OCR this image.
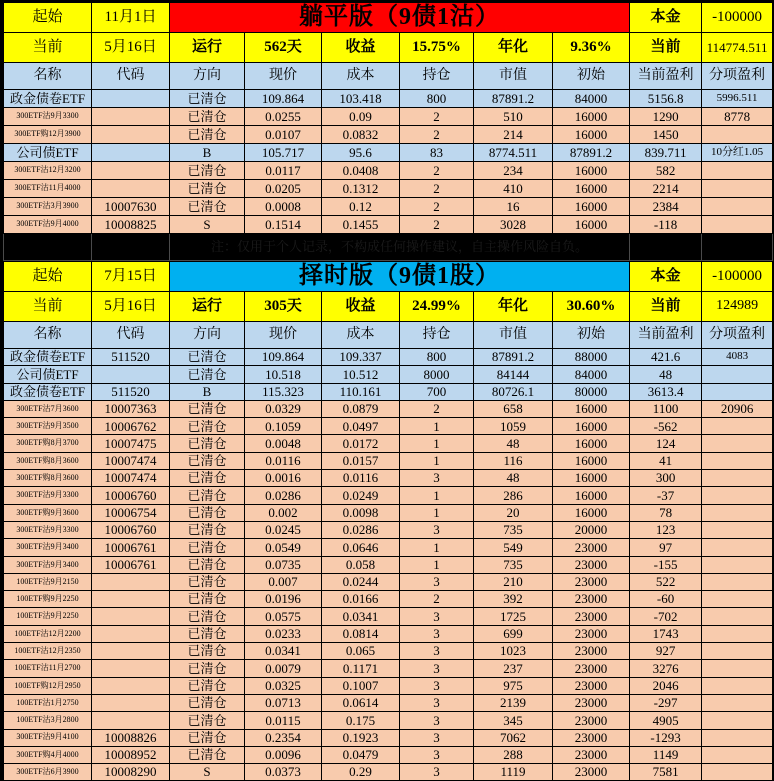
起始	11月1日	躺平版（9债1沽）						本金	-100000
当前	5月16日	运行	562天	收益	15.75%	年化	9.36%	当前	114774.511
名称	代码	方向	现价	成本	持仓	市值	初始	当前盈利	分项盈利
政金债卷ETF		已清仓	109.864	103.418	800	87891.2	84000	5156.8	5996.511
300ETF沽9月3300		已清仓	0.0255	0.09	2	510	16000	1290	8778
300ETF购12月3900		已清仓	0.0107	0.0832	2	214	16000	1450	
公司债ETF		B	105.717	95.6	83	8774.511	87891.2	839.711	10分红1.05
300ETF沽12月3200		已清仓	0.0117	0.0408	2	234	16000	582	
300ETF沽11月4000		已清仓	0.0205	0.1312	2	410	16000	2214	
300ETF沽3月3900	10007630	已清仓	0.0008	0.12	2	16	16000	2384	
300ETF沽9月4000	10008825	S	0.1514	0.1455	2	3028	16000	-118	
		注：仅用于个人记录，不构成任何操作建议，自主操作风险自负。							
起始	7月15日	择时版（9债1股）						本金	-100000
当前	5月16日	运行	305天	收益	24.99%	年化	30.60%	当前	124989
名称	代码	方向	现价	成本	持仓	市值	初始	当前盈利	分项盈利
政金债卷ETF	511520	已清仓	109.864	109.337	800	87891.2	88000	421.6	4083
公司债ETF		已清仓	10.518	10.512	8000	84144	84000	48	
政金债卷ETF	511520	B	115.323	110.161	700	80726.1	80000	3613.4	
300ETF沽7月3600	10007363	已清仓	0.0329	0.0879	2	658	16000	1100	20906
300ETF沽9月3500	10006762	已清仓	0.1059	0.0497	1	1059	16000	-562	
300ETF购8月3700	10007475	已清仓	0.0048	0.0172	1	48	16000	124	
300ETF购8月3600	10007474	已清仓	0.0116	0.0157	1	116	16000	41	
300ETF购8月3600	10007474	已清仓	0.0016	0.0116	3	48	16000	300	
300ETF沽9月3300	10006760	已清仓	0.0286	0.0249	1	286	16000	-37	
300ETF购9月3600	10006754	已清仓	0.002	0.0098	1	20	16000	78	
300ETF沽9月3300	10006760	已清仓	0.0245	0.0286	3	735	20000	123	
300ETF沽9月3400	10006761	已清仓	0.0549	0.0646	1	549	23000	97	
300ETF沽9月3400	10006761	已清仓	0.0735	0.058	1	735	23000	-155	
100ETF沽9月2150		已清仓	0.007	0.0244	3	210	23000	522	
100ETF购9月2250		已清仓	0.0196	0.0166	2	392	23000	-60	
100ETF沽9月2250		已清仓	0.0575	0.0341	3	1725	23000	-702	
100ETF沽12月2200		已清仓	0.0233	0.0814	3	699	23000	1743	
100ETF沽12月2350		已清仓	0.0341	0.065	3	1023	23000	927	
100ETF沽11月2700		已清仓	0.0079	0.1171	3	237	23000	3276	
100ETF购12月2950		已清仓	0.0325	0.1007	3	975	23000	2046	
100ETF沽1月2750		已清仓	0.0713	0.0614	3	2139	23000	-297	
100ETF沽3月2800		已清仓	0.0115	0.175	3	345	23000	4905	
300ETF沽9月4100	10008826	已清仓	0.2354	0.1923	3	7062	23000	-1293	
300ETF购4月4000	10008952	已清仓	0.0096	0.0479	3	288	23000	1149	
300ETF沽6月3900	10008290	S	0.0373	0.29	3	1119	23000	7581	
